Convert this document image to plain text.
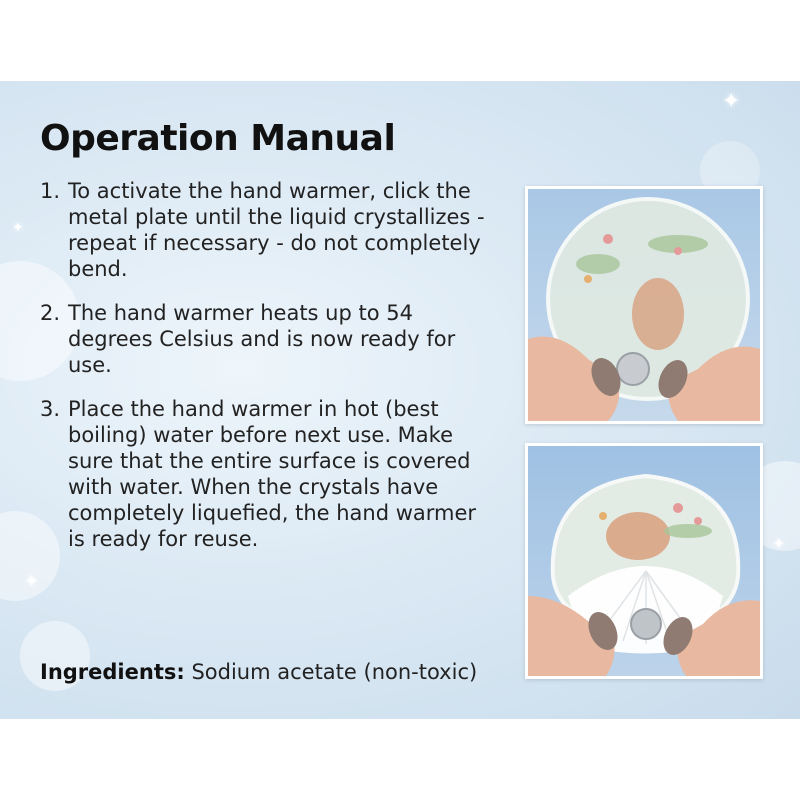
✦
✦
✦
✦
Operation Manual
1. To activate the hand warmer, click the metal plate until the liquid crystallizes - repeat if necessary - do not completely bend.
2. The hand warmer heats up to 54 degrees Celsius and is now ready for use.
3. Place the hand warmer in hot (best boiling) water before next use. Make sure that the entire surface is covered with water. When the crystals have completely liquefied, the hand warmer is ready for reuse.
Ingredients: Sodium acetate (non-toxic)
